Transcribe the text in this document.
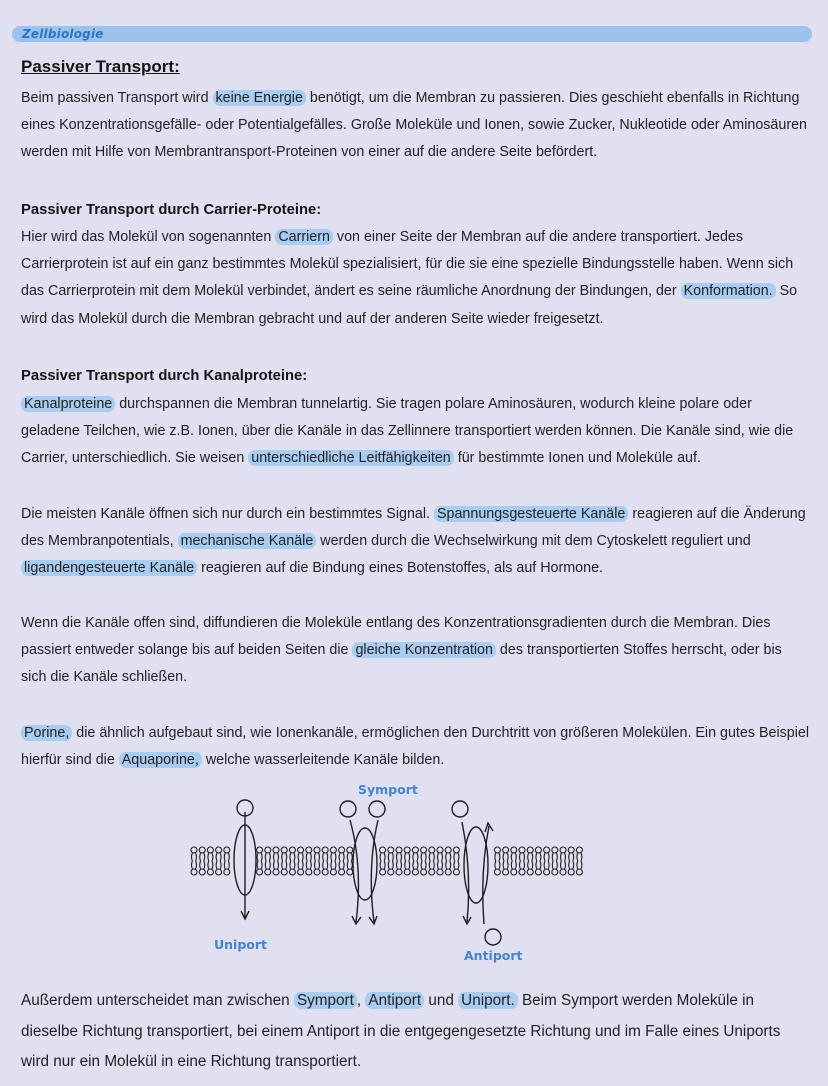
Zellbiologie
Passiver Transport:

Beim passiven Transport wird keine Energie benötigt, um die Membran zu passieren. Dies geschieht ebenfalls in Richtung eines Konzentrationsgefälle- oder Potentialgefälles. Große Moleküle und Ionen, sowie Zucker, Nukleotide oder Aminosäuren werden mit Hilfe von Membrantransport-Proteinen von einer auf die andere Seite befördert.

Passiver Transport durch Carrier-Proteine:

Hier wird das Molekül von sogenannten Carriern von einer Seite der Membran auf die andere transportiert. Jedes Carrierprotein ist auf ein ganz bestimmtes Molekül spezialisiert, für die sie eine spezielle Bindungsstelle haben. Wenn sich das Carrierprotein mit dem Molekül verbindet, ändert es seine räumliche Anordnung der Bindungen, der Konformation. So wird das Molekül durch die Membran gebracht und auf der anderen Seite wieder freigesetzt.

Passiver Transport durch Kanalproteine:

Kanalproteine durchspannen die Membran tunnelartig. Sie tragen polare Aminosäuren, wodurch kleine polare oder geladene Teilchen, wie z.B. Ionen, über die Kanäle in das Zellinnere transportiert werden können. Die Kanäle sind, wie die Carrier, unterschiedlich. Sie weisen unterschiedliche Leitfähigkeiten für bestimmte Ionen und Moleküle auf.

Die meisten Kanäle öffnen sich nur durch ein bestimmtes Signal. Spannungsgesteuerte Kanäle reagieren auf die Änderung des Membranpotentials, mechanische Kanäle werden durch die Wechselwirkung mit dem Cytoskelett reguliert und ligandengesteuerte Kanäle reagieren auf die Bindung eines Botenstoffes, als auf Hormone.

Wenn die Kanäle offen sind, diffundieren die Moleküle entlang des Konzentrationsgradienten durch die Membran. Dies passiert entweder solange bis auf beiden Seiten die gleiche Konzentration des transportierten Stoffes herrscht, oder bis sich die Kanäle schließen.

Porine, die ähnlich aufgebaut sind, wie Ionenkanäle, ermöglichen den Durchtritt von größeren Molekülen. Ein gutes Beispiel hierfür sind die Aquaporine, welche wasserleitende Kanäle bilden.

Symport
Uniport
Antiport

Außerdem unterscheidet man zwischen Symport , Antiport und Uniport. Beim Symport werden Moleküle in dieselbe Richtung transportiert, bei einem Antiport in die entgegengesetzte Richtung und im Falle eines Uniports wird nur ein Molekül in eine Richtung transportiert.
